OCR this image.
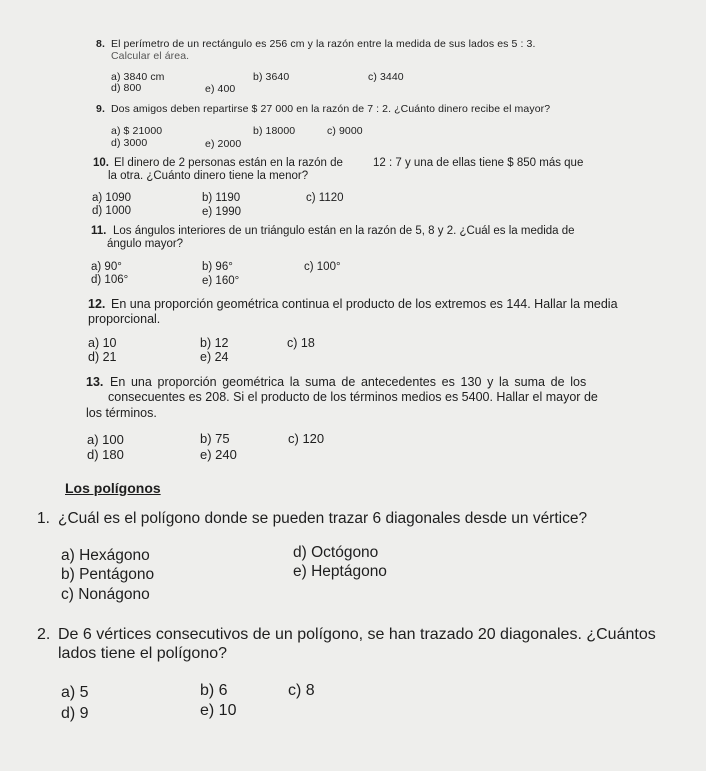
8. El perímetro de un rectángulo es 256 cm y la razón entre la medida de sus lados es 5 : 3.
Calcular el área.
a) 3840 cm	b) 3640	c) 3440
d) 800	e) 400
9. Dos amigos deben repartirse $ 27 000 en la razón de 7 : 2. ¿Cuánto dinero recibe el mayor?
a) $ 21000	b) 18000	c) 9000
d) 3000	e) 2000
10. El dinero de 2 personas están en la razón de	12 : 7 y una de ellas tiene $ 850 más que
la otra. ¿Cuánto dinero tiene la menor?
a) 1090	b) 1190	c) 1120
d) 1000	e) 1990
11. Los ángulos interiores de un triángulo están en la razón de 5, 8 y 2. ¿Cuál es la medida de
ángulo mayor?
a) 90°	b) 96°	c) 100°
d) 106°	e) 160°
12. En una proporción geométrica continua el producto de los extremos es 144. Hallar la media
proporcional.
a) 10	b) 12	c) 18
d) 21	e) 24
13. En una proporción geométrica la suma de antecedentes es 130 y la suma de los
consecuentes es 208. Si el producto de los términos medios es 5400. Hallar el mayor de
los términos.
a) 100	b) 75	c) 120
d) 180	e) 240
Los polígonos
1. ¿Cuál es el polígono donde se pueden trazar 6 diagonales desde un vértice?
a) Hexágono	d) Octógono
b) Pentágono	e) Heptágono
c) Nonágono
2. De 6 vértices consecutivos de un polígono, se han trazado 20 diagonales. ¿Cuántos
lados tiene el polígono?
a) 5	b) 6	c) 8
d) 9	e) 10
